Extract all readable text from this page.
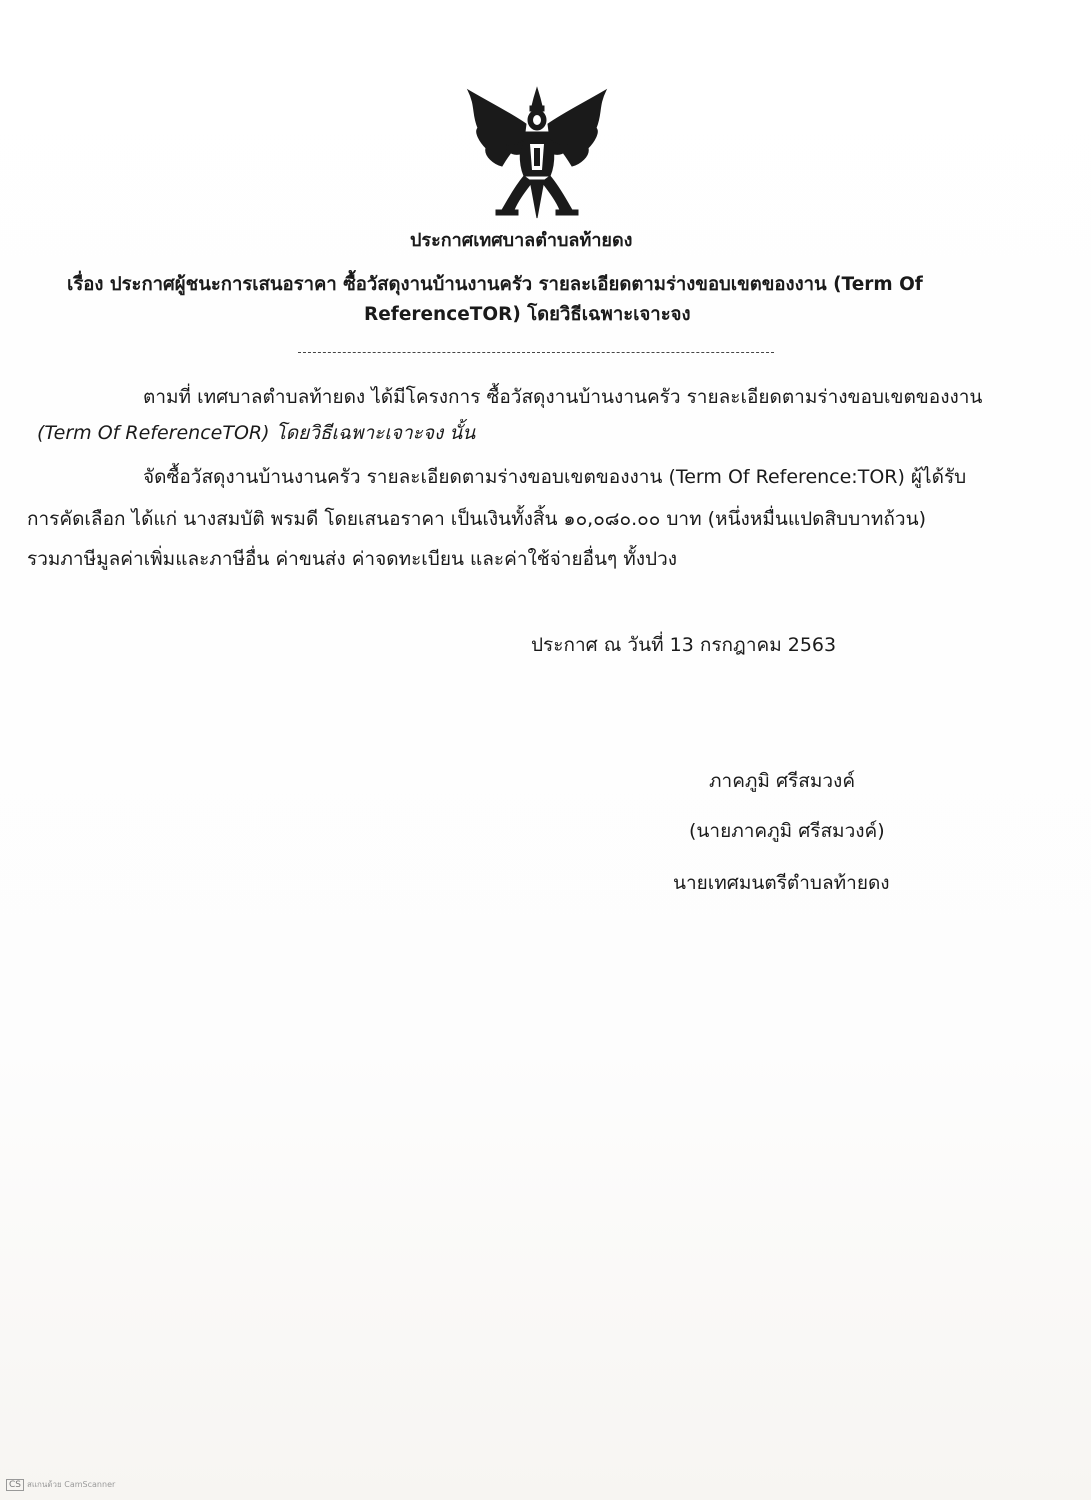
ประกาศเทศบาลตำบลท้ายดง
เรื่อง ประกาศผู้ชนะการเสนอราคา ซื้อวัสดุงานบ้านงานครัว รายละเอียดตามร่างขอบเขตของงาน (Term Of
ReferenceTOR) โดยวิธีเฉพาะเจาะจง
ตามที่ เทศบาลตำบลท้ายดง ได้มีโครงการ ซื้อวัสดุงานบ้านงานครัว รายละเอียดตามร่างขอบเขตของงาน
(Term Of ReferenceTOR) โดยวิธีเฉพาะเจาะจง นั้น
จัดซื้อวัสดุงานบ้านงานครัว รายละเอียดตามร่างขอบเขตของงาน (Term Of Reference:TOR) ผู้ได้รับ
การคัดเลือก ได้แก่ นางสมบัติ พรมดี โดยเสนอราคา เป็นเงินทั้งสิ้น ๑๐,๐๘๐.๐๐ บาท (หนึ่งหมื่นแปดสิบบาทถ้วน)
รวมภาษีมูลค่าเพิ่มและภาษีอื่น ค่าขนส่ง ค่าจดทะเบียน และค่าใช้จ่ายอื่นๆ ทั้งปวง
ประกาศ ณ วันที่ 13 กรกฎาคม 2563
ภาคภูมิ ศรีสมวงค์
(นายภาคภูมิ ศรีสมวงค์)
นายเทศมนตรีตำบลท้ายดง
CS สแกนด้วย CamScanner
